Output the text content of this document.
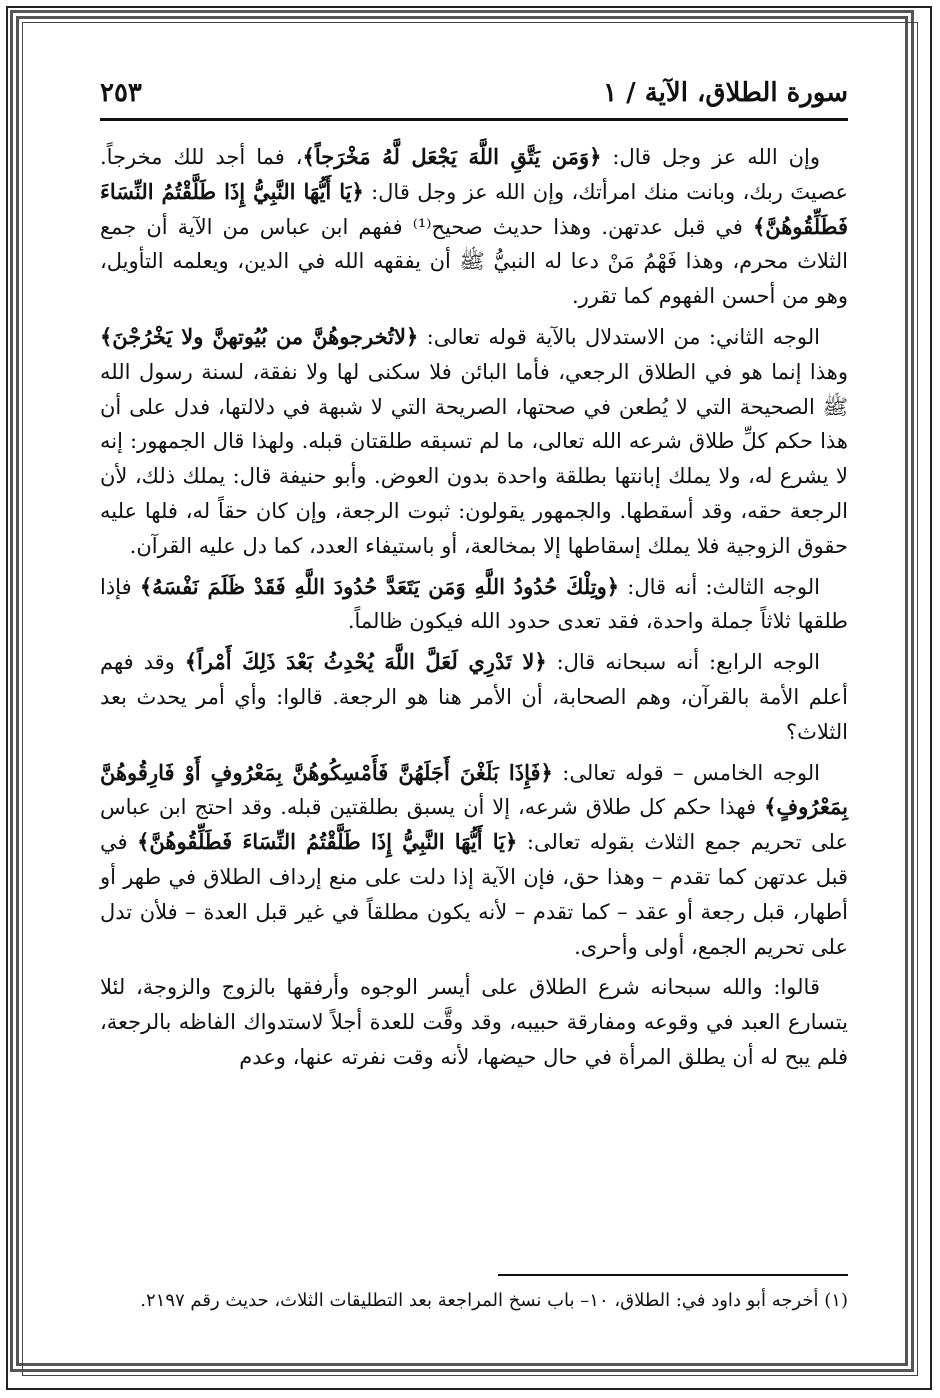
سورة الطلاق، الآية / ١
٢٥٣

وإن الله عز وجل قال: ﴿وَمَن يَتَّقِ اللَّهَ يَجْعَل لَّهُ مَخْرَجاً﴾، فما أجد للك مخرجاً. عصيتَ ربك، وبانت منك امرأتك، وإن الله عز وجل قال: ﴿يَا أَيُّهَا النَّبِيُّ إِذَا طَلَّقْتُمُ النِّسَاءَ فَطَلِّقُوهُنَّ﴾ في قبل عدتهن. وهذا حديث صحيح⁽¹⁾ ففهم ابن عباس من الآية أن جمع الثلاث محرم، وهذا فَهْمُ مَنْ دعا له النبيُّ ﷺ أن يفقهه الله في الدين، ويعلمه التأويل، وهو من أحسن الفهوم كما تقرر.

الوجه الثاني: من الاستدلال بالآية قوله تعالى: ﴿لاتُخرجوهُنَّ من بُيُوتهنَّ ولا يَخْرُجْنَ﴾ وهذا إنما هو في الطلاق الرجعي، فأما البائن فلا سكنى لها ولا نفقة، لسنة رسول الله ﷺ الصحيحة التي لا يُطعن في صحتها، الصريحة التي لا شبهة في دلالتها، فدل على أن هذا حكم كلِّ طلاق شرعه الله تعالى، ما لم تسبقه طلقتان قبله. ولهذا قال الجمهور: إنه لا يشرع له، ولا يملك إبانتها بطلقة واحدة بدون العوض. وأبو حنيفة قال: يملك ذلك، لأن الرجعة حقه، وقد أسقطها. والجمهور يقولون: ثبوت الرجعة، وإن كان حقاً له، فلها عليه حقوق الزوجية فلا يملك إسقاطها إلا بمخالعة، أو باستيفاء العدد، كما دل عليه القرآن.

الوجه الثالث: أنه قال: ﴿وتِلْكَ حُدُودُ اللَّهِ وَمَن يَتَعَدَّ حُدُودَ اللَّهِ فَقَدْ ظَلَمَ نَفْسَهُ﴾ فإذا طلقها ثلاثاً جملة واحدة، فقد تعدى حدود الله فيكون ظالماً.

الوجه الرابع: أنه سبحانه قال: ﴿لا تَدْرِي لَعَلَّ اللَّهَ يُحْدِثُ بَعْدَ ذَلِكَ أَمْراً﴾ وقد فهم أعلم الأمة بالقرآن، وهم الصحابة، أن الأمر هنا هو الرجعة. قالوا: وأي أمر يحدث بعد الثلاث؟

الوجه الخامس – قوله تعالى: ﴿فَإِذَا بَلَغْنَ أَجَلَهُنَّ فَأَمْسِكُوهُنَّ بِمَعْرُوفٍ أَوْ فَارِقُوهُنَّ بِمَعْرُوفٍ﴾ فهذا حكم كل طلاق شرعه، إلا أن يسبق بطلقتين قبله. وقد احتج ابن عباس على تحريم جمع الثلاث بقوله تعالى: ﴿يَا أَيُّهَا النَّبِيُّ إِذَا طَلَّقْتُمُ النِّسَاءَ فَطَلِّقُوهُنَّ﴾ في قبل عدتهن كما تقدم – وهذا حق، فإن الآية إذا دلت على منع إرداف الطلاق في طهر أو أطهار، قبل رجعة أو عقد – كما تقدم – لأنه يكون مطلقاً في غير قبل العدة – فلأن تدل على تحريم الجمع، أولى وأحرى.

قالوا: والله سبحانه شرع الطلاق على أيسر الوجوه وأرفقها بالزوج والزوجة، لئلا يتسارع العبد في وقوعه ومفارقة حبيبه، وقد وقَّت للعدة أجلاً لاستدواك الفاظه بالرجعة، فلم يبح له أن يطلق المرأة في حال حيضها، لأنه وقت نفرته عنها، وعدم

(١) أخرجه أبو داود في: الطلاق، ١٠– باب نسخ المراجعة بعد التطليقات الثلاث، حديث رقم ٢١٩٧.
